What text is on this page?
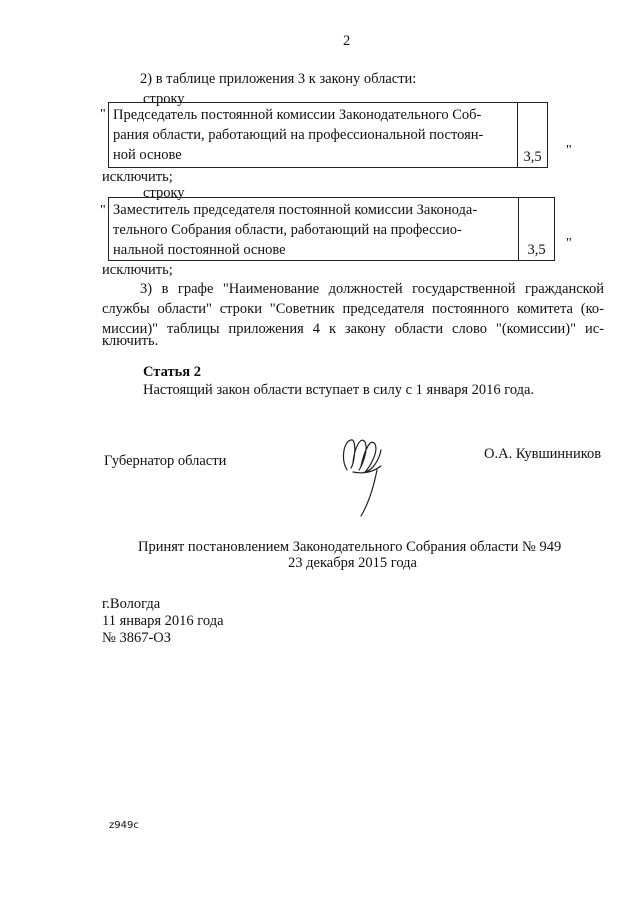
2
2) в таблице приложения 3 к закону области:
строку
" Председатель постоянной комиссии Законодательного Соб-
рания области, работающий на профессиональной постоян-
ной основе	3,5	"
исключить;
строку
" Заместитель председателя постоянной комиссии Законода-
тельного Собрания области, работающий на профессио-
нальной постоянной основе	3,5	"
исключить;
3) в графе "Наименование должностей государственной гражданской
службы области" строки "Советник председателя постоянного комитета (ко-
миссии)" таблицы приложения 4 к закону области слово "(комиссии)" ис-
ключить.
Статья 2
Настоящий закон области вступает в силу с 1 января 2016 года.
Губернатор области	О.А. Кувшинников
Принят постановлением Законодательного Собрания области № 949
23 декабря 2015 года
г.Вологда
11 января 2016 года
№ 3867-ОЗ
z949c
